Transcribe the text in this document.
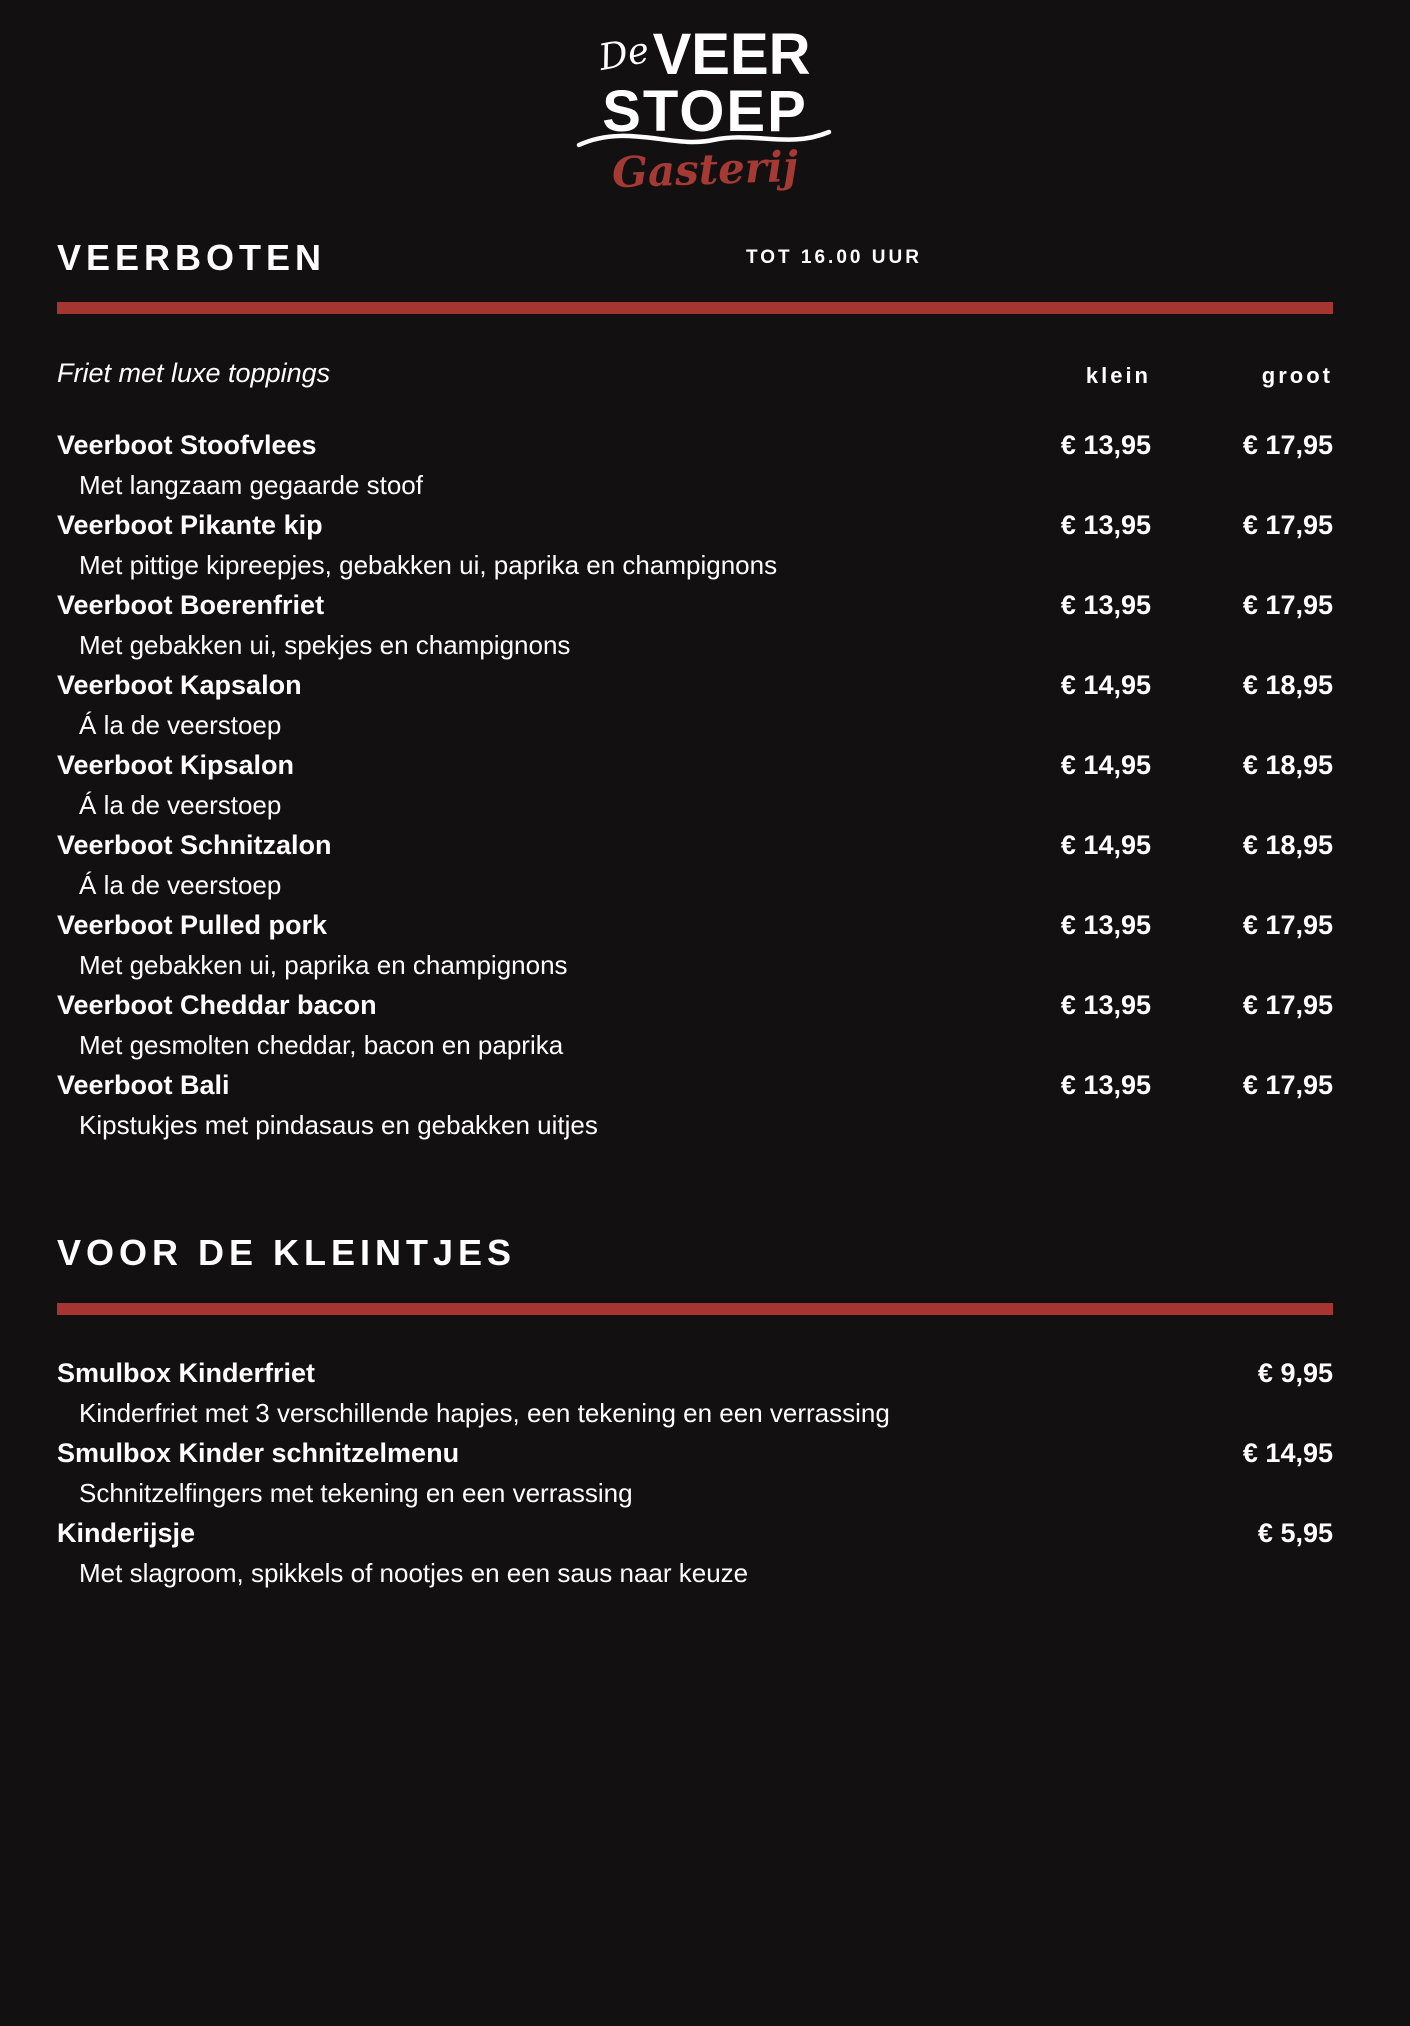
De VEER
STOEP
Gasterij
VEERBOTEN	TOT 16.00 UUR
Friet met luxe toppings	klein	groot
Veerboot Stoofvlees	€ 13,95	€ 17,95
Met langzaam gegaarde stoof
Veerboot Pikante kip	€ 13,95	€ 17,95
Met pittige kipreepjes, gebakken ui, paprika en champignons
Veerboot Boerenfriet	€ 13,95	€ 17,95
Met gebakken ui, spekjes en champignons
Veerboot Kapsalon	€ 14,95	€ 18,95
Á la de veerstoep
Veerboot Kipsalon	€ 14,95	€ 18,95
Á la de veerstoep
Veerboot Schnitzalon	€ 14,95	€ 18,95
Á la de veerstoep
Veerboot Pulled pork	€ 13,95	€ 17,95
Met gebakken ui, paprika en champignons
Veerboot Cheddar bacon	€ 13,95	€ 17,95
Met gesmolten cheddar, bacon en paprika
Veerboot Bali	€ 13,95	€ 17,95
Kipstukjes met pindasaus en gebakken uitjes
VOOR DE KLEINTJES
Smulbox Kinderfriet	€ 9,95
Kinderfriet met 3 verschillende hapjes, een tekening en een verrassing
Smulbox Kinder schnitzelmenu	€ 14,95
Schnitzelfingers met tekening en een verrassing
Kinderijsje	€ 5,95
Met slagroom, spikkels of nootjes en een saus naar keuze
